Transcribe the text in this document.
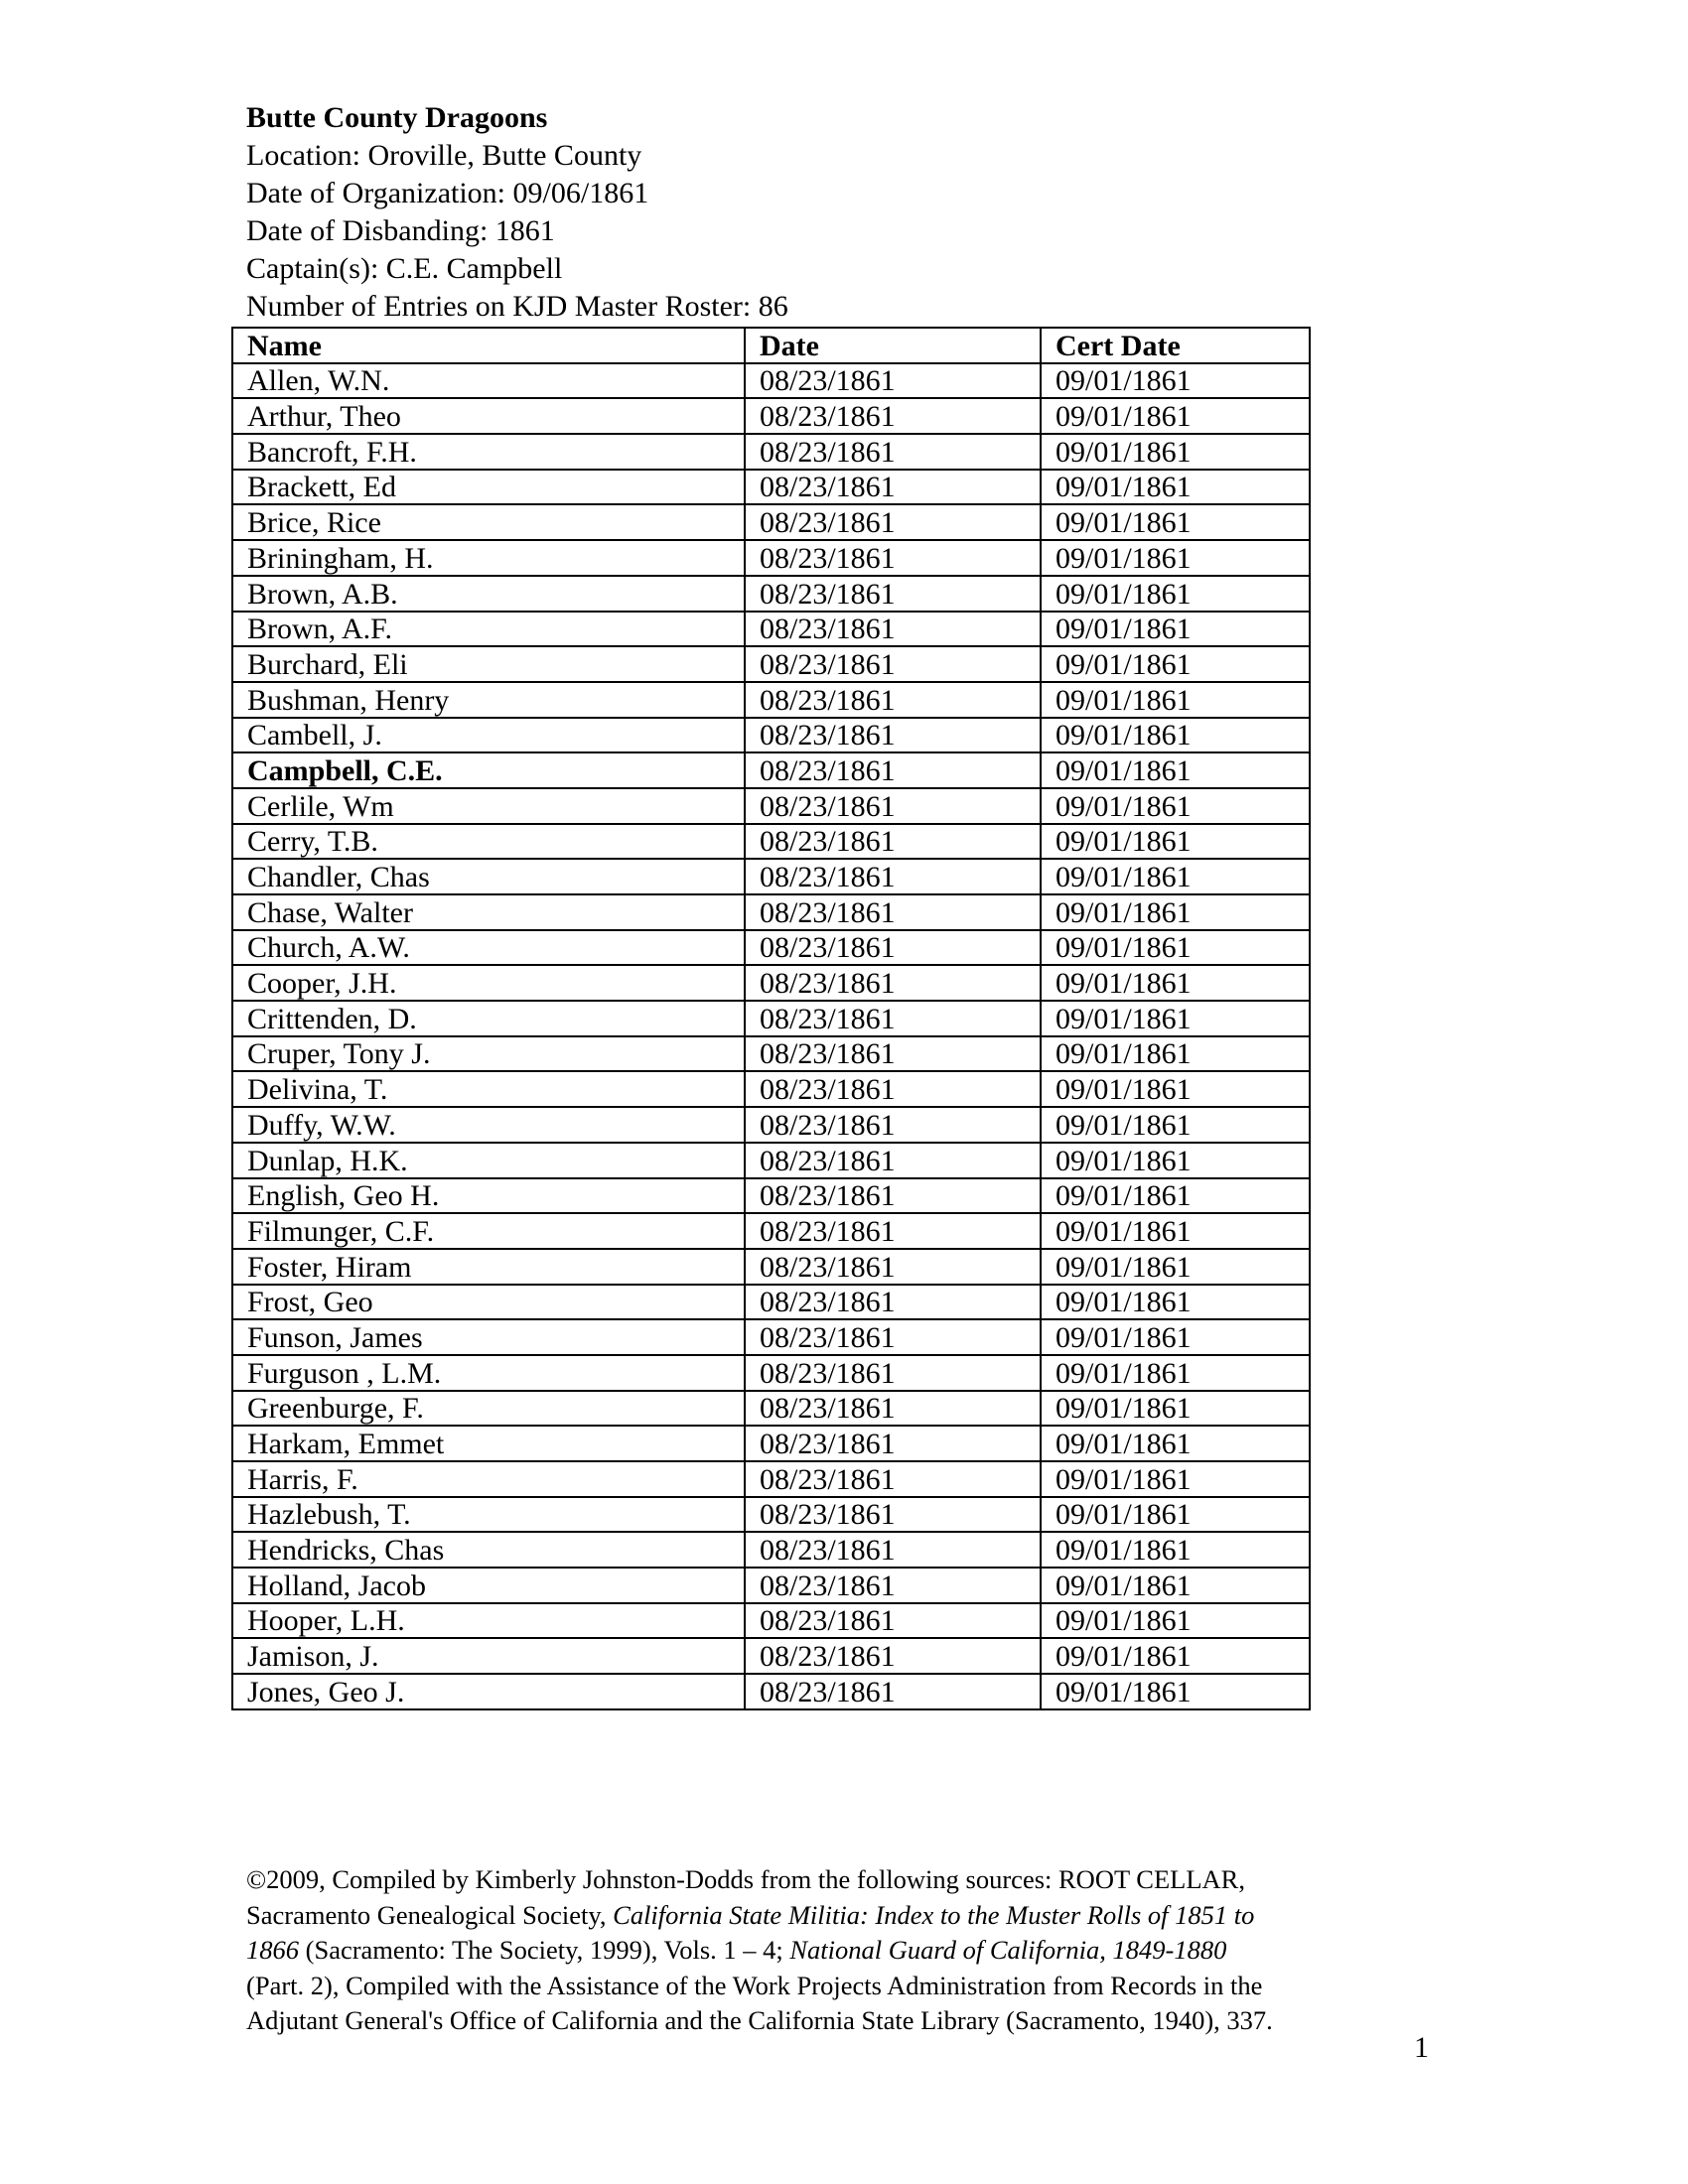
Butte County Dragoons
Location: Oroville, Butte County
Date of Organization: 09/06/1861
Date of Disbanding: 1861
Captain(s): C.E. Campbell
Number of Entries on KJD Master Roster: 86
Name	Date	Cert Date
Allen, W.N.	08/23/1861	09/01/1861
Arthur, Theo	08/23/1861	09/01/1861
Bancroft, F.H.	08/23/1861	09/01/1861
Brackett, Ed	08/23/1861	09/01/1861
Brice, Rice	08/23/1861	09/01/1861
Briningham, H.	08/23/1861	09/01/1861
Brown, A.B.	08/23/1861	09/01/1861
Brown, A.F.	08/23/1861	09/01/1861
Burchard, Eli	08/23/1861	09/01/1861
Bushman, Henry	08/23/1861	09/01/1861
Cambell, J.	08/23/1861	09/01/1861
Campbell, C.E.	08/23/1861	09/01/1861
Cerlile, Wm	08/23/1861	09/01/1861
Cerry, T.B.	08/23/1861	09/01/1861
Chandler, Chas	08/23/1861	09/01/1861
Chase, Walter	08/23/1861	09/01/1861
Church, A.W.	08/23/1861	09/01/1861
Cooper, J.H.	08/23/1861	09/01/1861
Crittenden, D.	08/23/1861	09/01/1861
Cruper, Tony J.	08/23/1861	09/01/1861
Delivina, T.	08/23/1861	09/01/1861
Duffy, W.W.	08/23/1861	09/01/1861
Dunlap, H.K.	08/23/1861	09/01/1861
English, Geo H.	08/23/1861	09/01/1861
Filmunger, C.F.	08/23/1861	09/01/1861
Foster, Hiram	08/23/1861	09/01/1861
Frost, Geo	08/23/1861	09/01/1861
Funson, James	08/23/1861	09/01/1861
Furguson , L.M.	08/23/1861	09/01/1861
Greenburge, F.	08/23/1861	09/01/1861
Harkam, Emmet	08/23/1861	09/01/1861
Harris, F.	08/23/1861	09/01/1861
Hazlebush, T.	08/23/1861	09/01/1861
Hendricks, Chas	08/23/1861	09/01/1861
Holland, Jacob	08/23/1861	09/01/1861
Hooper, L.H.	08/23/1861	09/01/1861
Jamison, J.	08/23/1861	09/01/1861
Jones, Geo J.	08/23/1861	09/01/1861
©2009, Compiled by Kimberly Johnston-Dodds from the following sources: ROOT CELLAR,
Sacramento Genealogical Society, California State Militia: Index to the Muster Rolls of 1851 to
1866 (Sacramento: The Society, 1999), Vols. 1 – 4; National Guard of California, 1849-1880
(Part. 2), Compiled with the Assistance of the Work Projects Administration from Records in the
Adjutant General's Office of California and the California State Library (Sacramento, 1940), 337.
1
